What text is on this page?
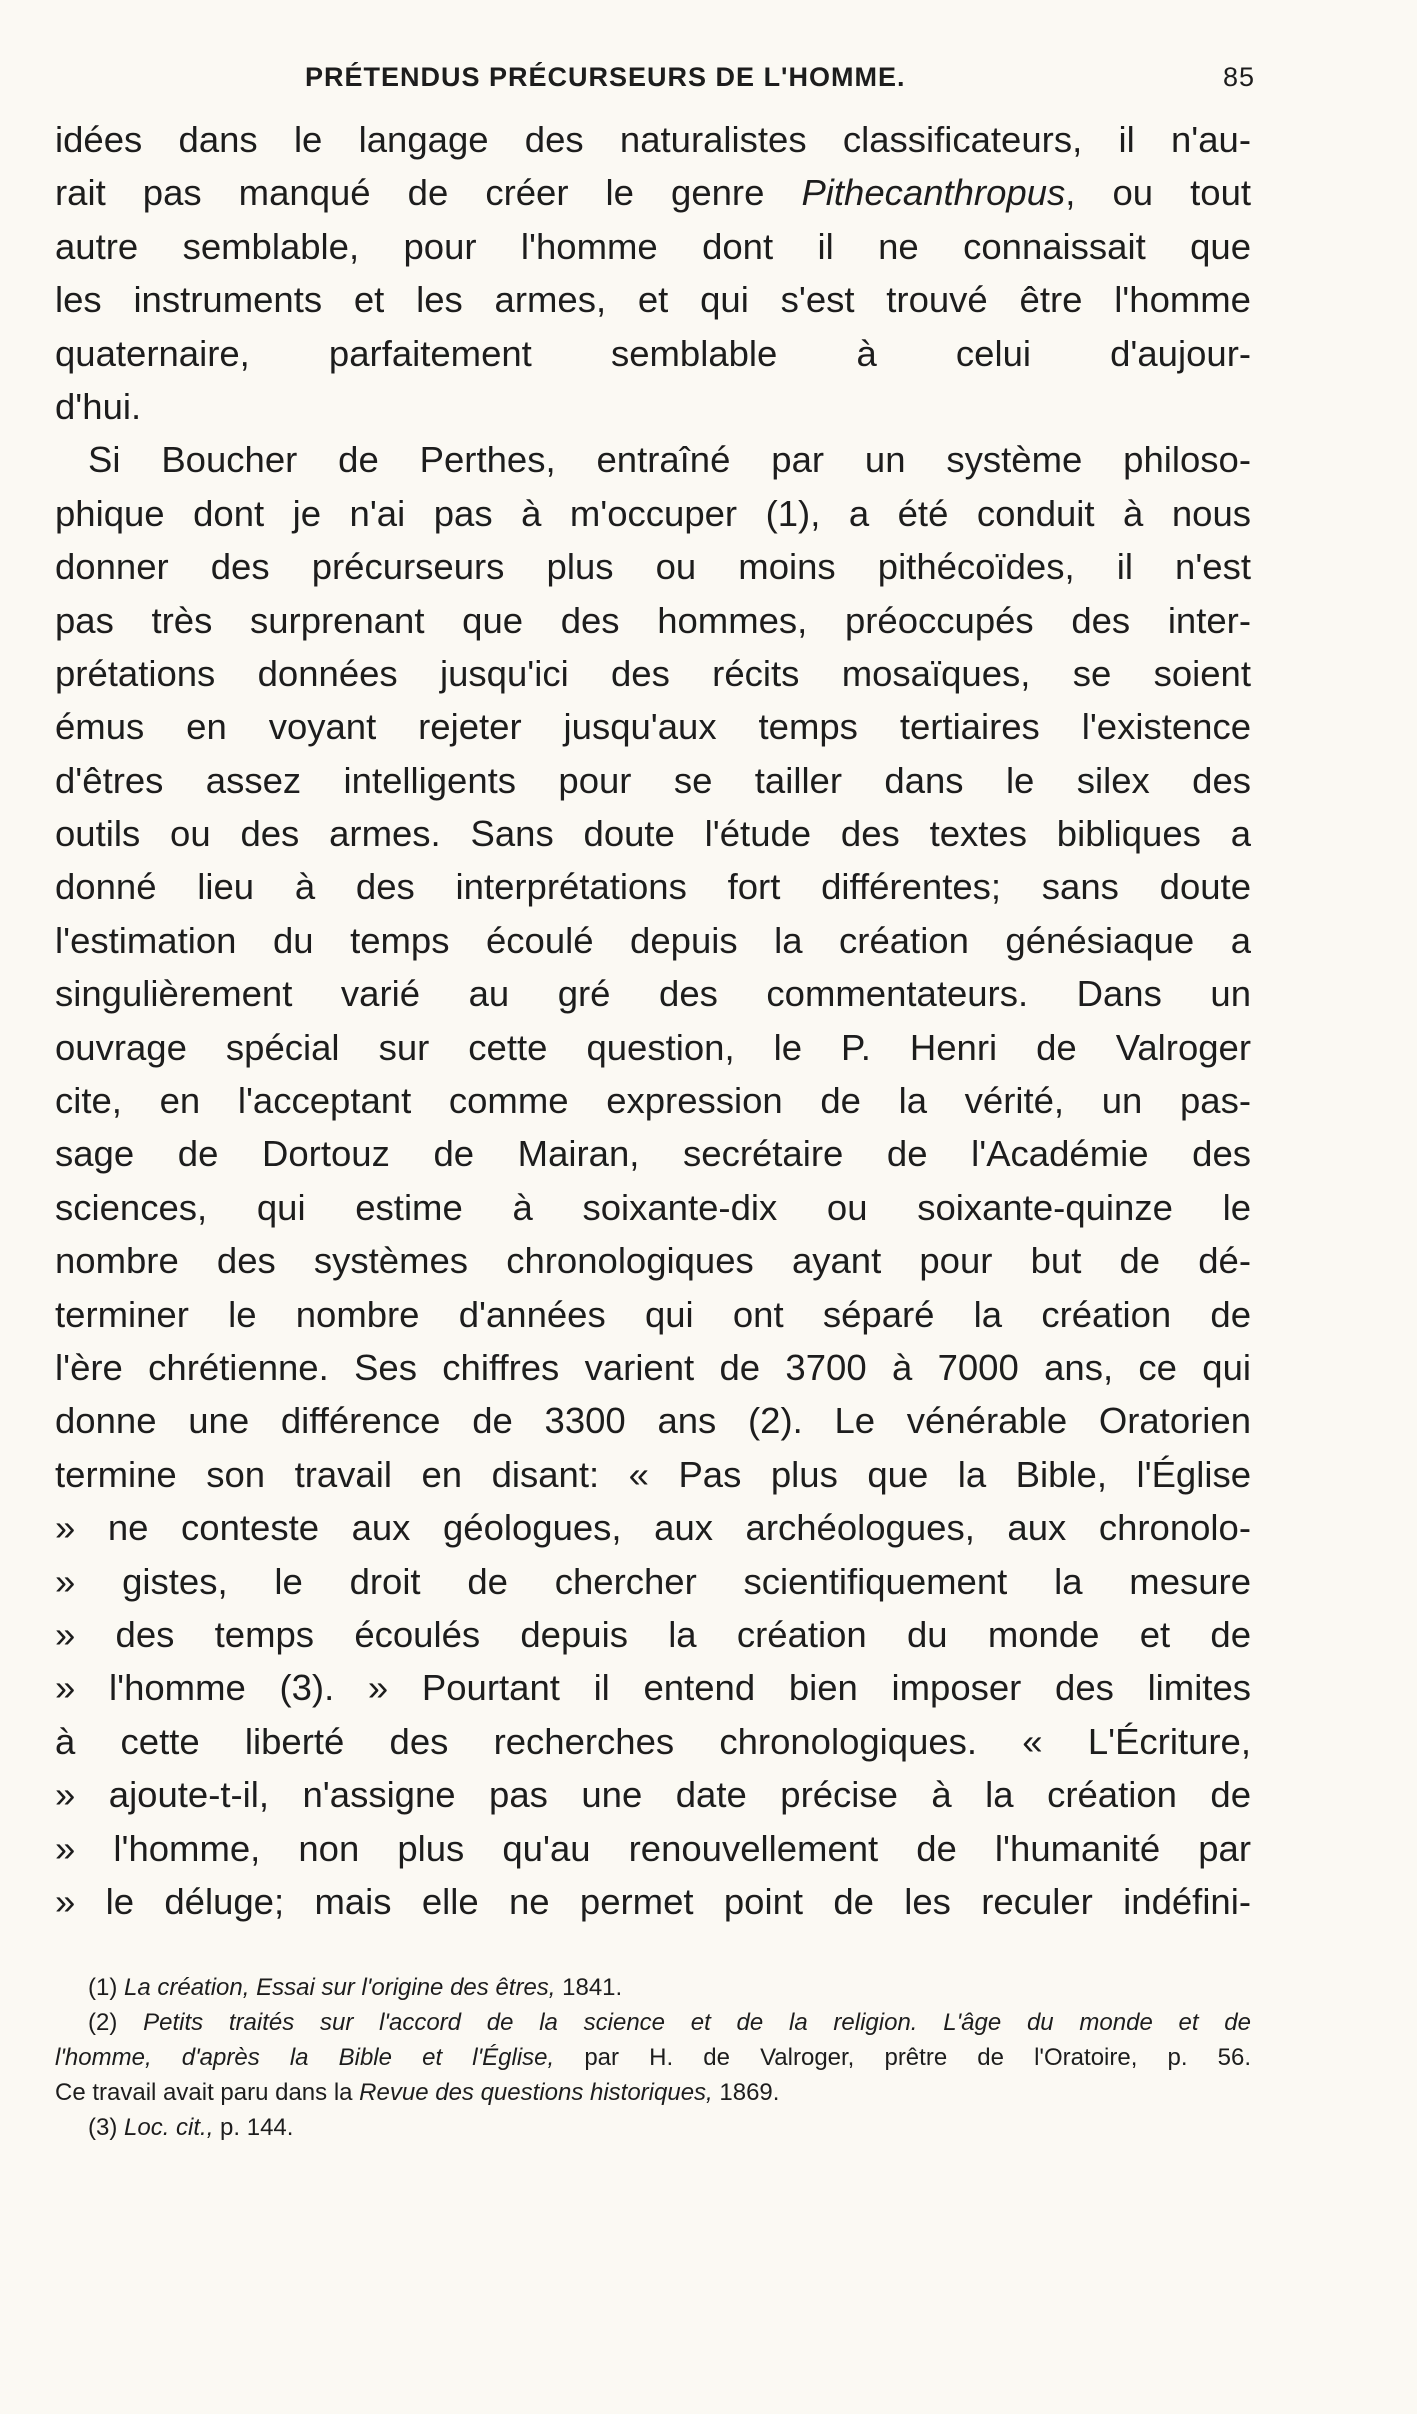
PRÉTENDUS PRÉCURSEURS DE L'HOMME.	85
idées dans le langage des naturalistes classificateurs, il n'au-
rait pas manqué de créer le genre Pithecanthropus, ou tout
autre semblable, pour l'homme dont il ne connaissait que
les instruments et les armes, et qui s'est trouvé être l'homme
quaternaire, parfaitement semblable à celui d'aujour-
d'hui.
Si Boucher de Perthes, entraîné par un système philoso-
phique dont je n'ai pas à m'occuper (1), a été conduit à nous
donner des précurseurs plus ou moins pithécoïdes, il n'est
pas très surprenant que des hommes, préoccupés des inter-
prétations données jusqu'ici des récits mosaïques, se soient
émus en voyant rejeter jusqu'aux temps tertiaires l'existence
d'êtres assez intelligents pour se tailler dans le silex des
outils ou des armes. Sans doute l'étude des textes bibliques a
donné lieu à des interprétations fort différentes; sans doute
l'estimation du temps écoulé depuis la création génésiaque a
singulièrement varié au gré des commentateurs. Dans un
ouvrage spécial sur cette question, le P. Henri de Valroger
cite, en l'acceptant comme expression de la vérité, un pas-
sage de Dortouz de Mairan, secrétaire de l'Académie des
sciences, qui estime à soixante-dix ou soixante-quinze le
nombre des systèmes chronologiques ayant pour but de dé-
terminer le nombre d'années qui ont séparé la création de
l'ère chrétienne. Ses chiffres varient de 3700 à 7000 ans, ce qui
donne une différence de 3300 ans (2). Le vénérable Oratorien
termine son travail en disant: « Pas plus que la Bible, l'Église
» ne conteste aux géologues, aux archéologues, aux chronolo-
» gistes, le droit de chercher scientifiquement la mesure
» des temps écoulés depuis la création du monde et de
» l'homme (3). » Pourtant il entend bien imposer des limites
à cette liberté des recherches chronologiques. « L'Écriture,
» ajoute-t-il, n'assigne pas une date précise à la création de
» l'homme, non plus qu'au renouvellement de l'humanité par
» le déluge; mais elle ne permet point de les reculer indéfini-
(1) La création, Essai sur l'origine des êtres, 1841.
(2) Petits traités sur l'accord de la science et de la religion. L'âge du monde et de
l'homme, d'après la Bible et l'Église, par H. de Valroger, prêtre de l'Oratoire, p. 56.
Ce travail avait paru dans la Revue des questions historiques, 1869.
(3) Loc. cit., p. 144.
